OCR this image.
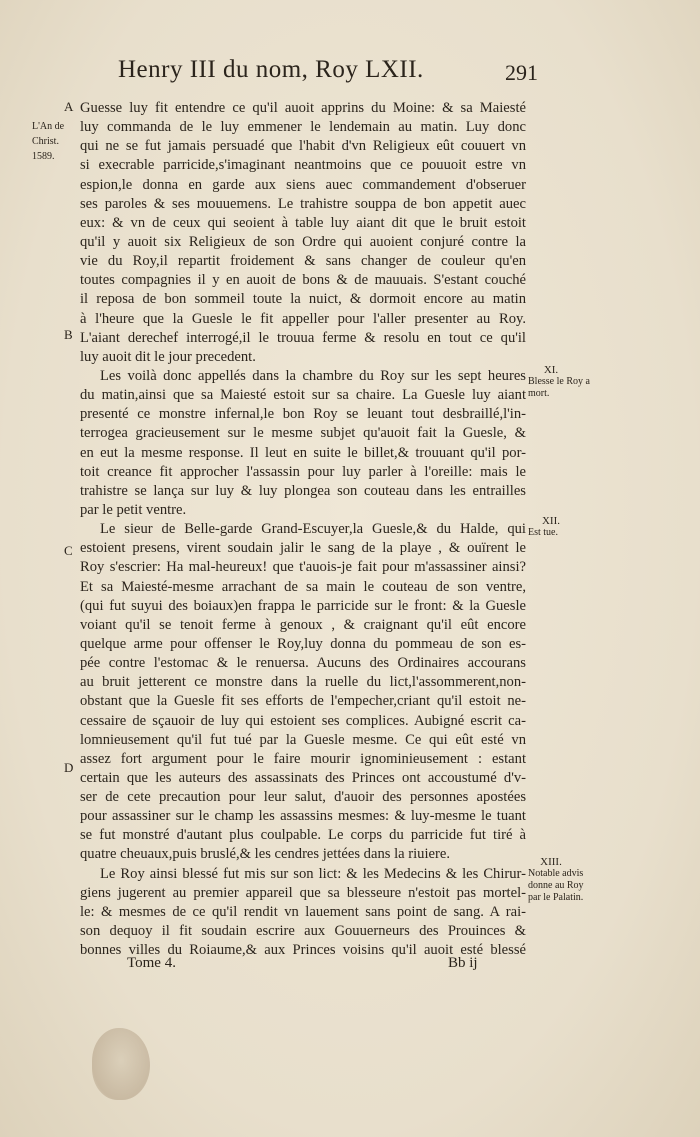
Henry III du nom, Roy LXII.	291
A
B
C
D
L'An de
Christ.
1589.
XI.
Blesse le Roy a mort.
XII.
Est tue.
XIII.
Notable advis donne au Roy par le Palatin.
Guesse luy fit entendre ce qu'il auoit apprins du Moine: & sa Maiesté
luy commanda de le luy emmener le lendemain au matin. Luy donc
qui ne se fut jamais persuadé que l'habit d'vn Religieux eût couuert vn
si execrable parricide,s'imaginant neantmoins que ce pouuoit estre vn
espion,le donna en garde aux siens auec commandement d'obseruer
ses paroles & ses mouuemens. Le trahistre souppa de bon appetit auec
eux: & vn de ceux qui seoient à table luy aiant dit que le bruit estoit
qu'il y auoit six Religieux de son Ordre qui auoient conjuré contre la
vie du Roy,il repartit froidement & sans changer de couleur qu'en
toutes compagnies il y en auoit de bons & de mauuais. S'estant couché
il reposa de bon sommeil toute la nuict, & dormoit encore au matin
à l'heure que la Guesle le fit appeller pour l'aller presenter au Roy.
L'aiant derechef interrogé,il le trouua ferme & resolu en tout ce qu'il
luy auoit dit le jour precedent.
Les voilà donc appellés dans la chambre du Roy sur les sept heures
du matin,ainsi que sa Maiesté estoit sur sa chaire. La Guesle luy aiant
presenté ce monstre infernal,le bon Roy se leuant tout desbraillé,l'in-
terrogea gracieusement sur le mesme subjet qu'auoit fait la Guesle, &
en eut la mesme response. Il leut en suite le billet,& trouuant qu'il por-
toit creance fit approcher l'assassin pour luy parler à l'oreille: mais le
trahistre se lança sur luy & luy plongea son couteau dans les entrailles
par le petit ventre.
Le sieur de Belle-garde Grand-Escuyer,la Guesle,& du Halde, qui
estoient presens, virent soudain jalir le sang de la playe , & ouïrent le
Roy s'escrier: Ha mal-heureux! que t'auois-je fait pour m'assassiner ainsi?
Et sa Maiesté-mesme arrachant de sa main le couteau de son ventre,
(qui fut suyui des boiaux)en frappa le parricide sur le front: & la Guesle
voiant qu'il se tenoit ferme à genoux , & craignant qu'il eût encore
quelque arme pour offenser le Roy,luy donna du pommeau de son es-
pée contre l'estomac & le renuersa. Aucuns des Ordinaires accourans
au bruit jetterent ce monstre dans la ruelle du lict,l'assommerent,non-
obstant que la Guesle fit ses efforts de l'empecher,criant qu'il estoit ne-
cessaire de sçauoir de luy qui estoient ses complices. Aubigné escrit ca-
lomnieusement qu'il fut tué par la Guesle mesme. Ce qui eût esté vn
assez fort argument pour le faire mourir ignominieusement : estant
certain que les auteurs des assassinats des Princes ont accoustumé d'v-
ser de cete precaution pour leur salut, d'auoir des personnes apostées
pour assassiner sur le champ les assassins mesmes: & luy-mesme le tuant
se fut monstré d'autant plus coulpable. Le corps du parricide fut tiré à
quatre cheuaux,puis bruslé,& les cendres jettées dans la riuiere.
Le Roy ainsi blessé fut mis sur son lict: & les Medecins & les Chirur-
giens jugerent au premier appareil que sa blesseure n'estoit pas mortel-
le: & mesmes de ce qu'il rendit vn lauement sans point de sang. A rai-
son dequoy il fit soudain escrire aux Gouuerneurs des Prouinces &
bonnes villes du Roiaume,& aux Princes voisins qu'il auoit esté blessé
Tome 4.	Bb ij
